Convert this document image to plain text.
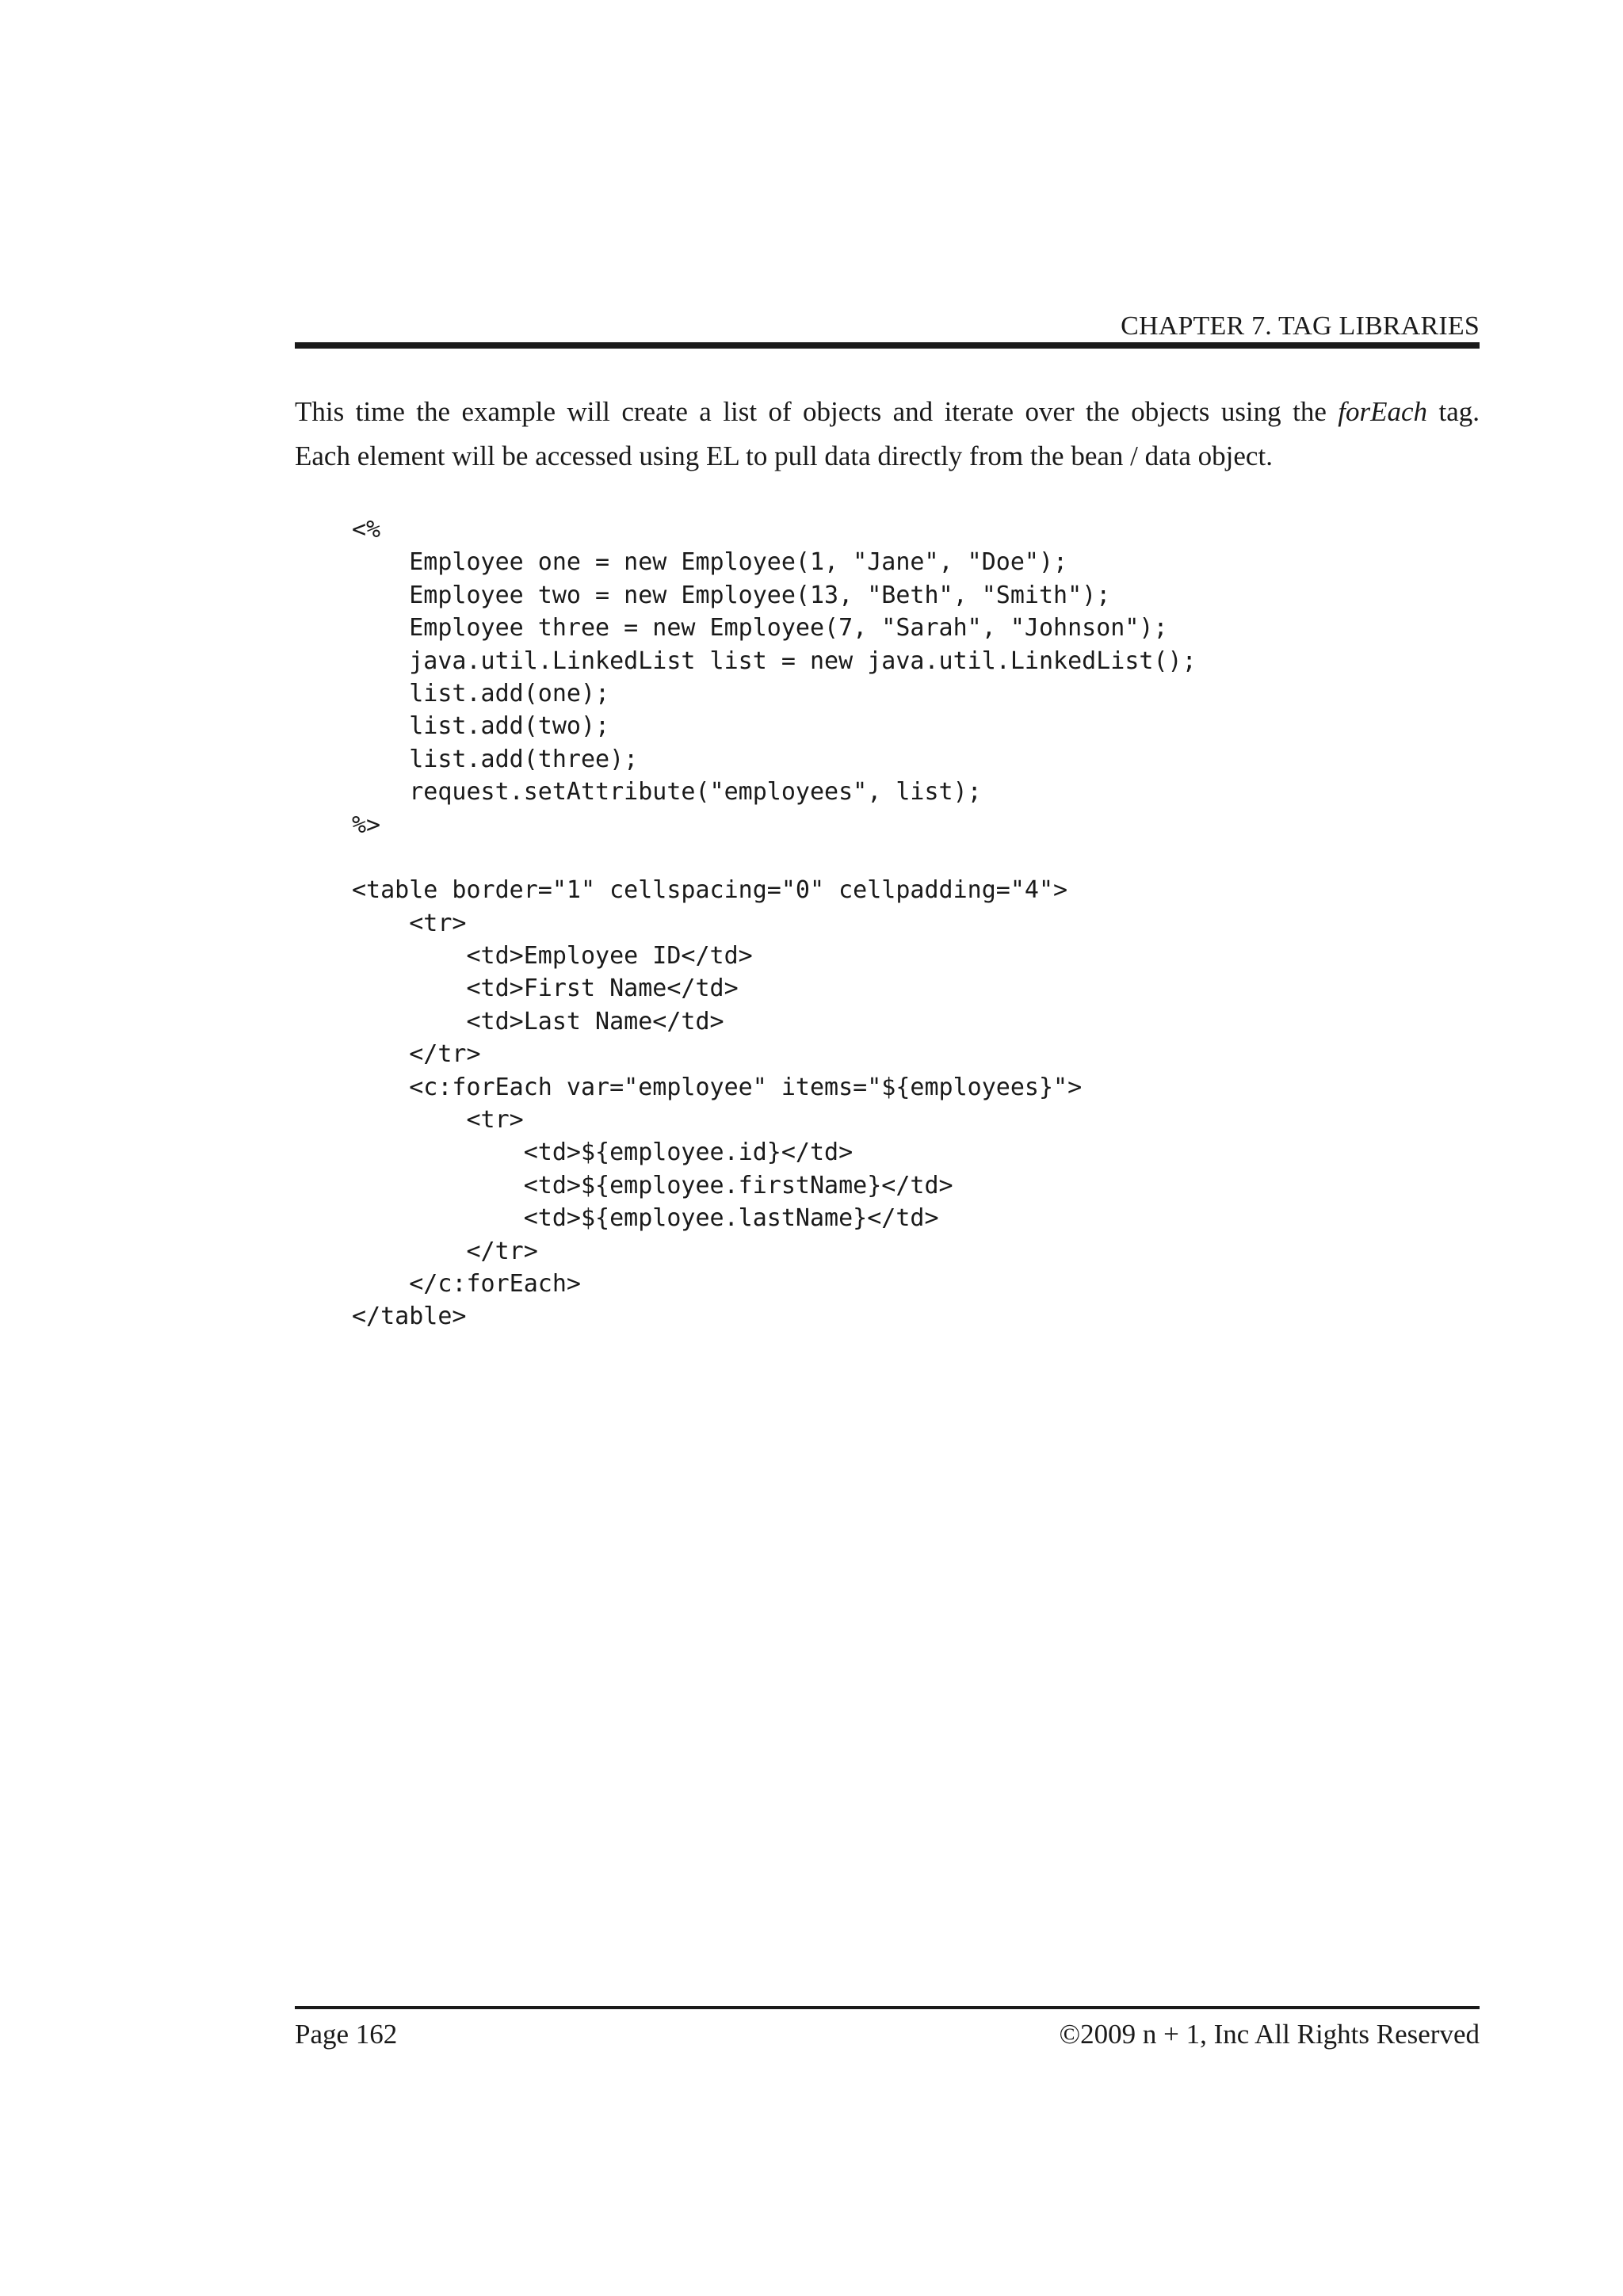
CHAPTER 7. TAG LIBRARIES
This time the example will create a list of objects and iterate over the objects using the forEach tag.
Each element will be accessed using EL to pull data directly from the bean / data object.
<%
Employee one = new Employee(1, "Jane", "Doe");
Employee two = new Employee(13, "Beth", "Smith");
Employee three = new Employee(7, "Sarah", "Johnson");
java.util.LinkedList list = new java.util.LinkedList();
list.add(one);
list.add(two);
list.add(three);
request.setAttribute("employees", list);
%>
<table border="1" cellspacing="0" cellpadding="4">
<tr>
<td>Employee ID</td>
<td>First Name</td>
<td>Last Name</td>
</tr>
<c:forEach var="employee" items="${employees}">
<tr>
<td>${employee.id}</td>
<td>${employee.firstName}</td>
<td>${employee.lastName}</td>
</tr>
</c:forEach>
</table>
Page 162	©2009 n + 1, Inc All Rights Reserved
